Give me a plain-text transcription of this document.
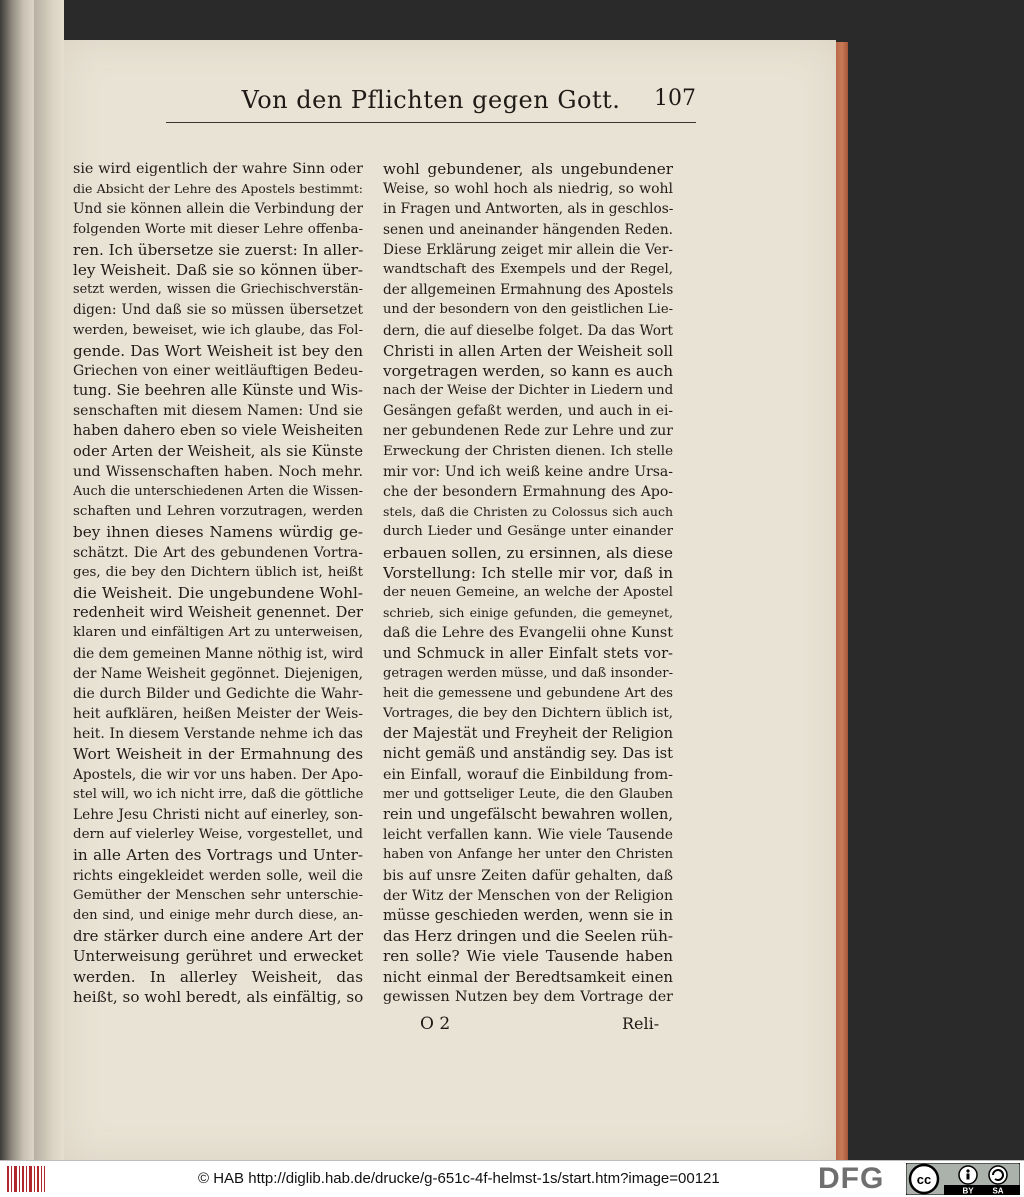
Von den Pflichten gegen Gott.	107
sie wird eigentlich der wahre Sinn oder
die Absicht der Lehre des Apostels bestimmt:
Und sie können allein die Verbindung der
folgenden Worte mit dieser Lehre offenba-
ren. Ich übersetze sie zuerst: In aller-
ley Weisheit. Daß sie so können über-
setzt werden, wissen die Griechischverstän-
digen: Und daß sie so müssen übersetzet
werden, beweiset, wie ich glaube, das Fol-
gende. Das Wort Weisheit ist bey den
Griechen von einer weitläuftigen Bedeu-
tung. Sie beehren alle Künste und Wis-
senschaften mit diesem Namen: Und sie
haben dahero eben so viele Weisheiten
oder Arten der Weisheit, als sie Künste
und Wissenschaften haben. Noch mehr.
Auch die unterschiedenen Arten die Wissen-
schaften und Lehren vorzutragen, werden
bey ihnen dieses Namens würdig ge-
schätzt. Die Art des gebundenen Vortra-
ges, die bey den Dichtern üblich ist, heißt
die Weisheit. Die ungebundene Wohl-
redenheit wird Weisheit genennet. Der
klaren und einfältigen Art zu unterweisen,
die dem gemeinen Manne nöthig ist, wird
der Name Weisheit gegönnet. Diejenigen,
die durch Bilder und Gedichte die Wahr-
heit aufklären, heißen Meister der Weis-
heit. In diesem Verstande nehme ich das
Wort Weisheit in der Ermahnung des
Apostels, die wir vor uns haben. Der Apo-
stel will, wo ich nicht irre, daß die göttliche
Lehre Jesu Christi nicht auf einerley, son-
dern auf vielerley Weise, vorgestellet, und
in alle Arten des Vortrags und Unter-
richts eingekleidet werden solle, weil die
Gemüther der Menschen sehr unterschie-
den sind, und einige mehr durch diese, an-
dre stärker durch eine andere Art der
Unterweisung gerühret und erwecket
werden. In allerley Weisheit, das
heißt, so wohl beredt, als einfältig, so
wohl gebundener, als ungebundener
Weise, so wohl hoch als niedrig, so wohl
in Fragen und Antworten, als in geschlos-
senen und aneinander hängenden Reden.
Diese Erklärung zeiget mir allein die Ver-
wandtschaft des Exempels und der Regel,
der allgemeinen Ermahnung des Apostels
und der besondern von den geistlichen Lie-
dern, die auf dieselbe folget. Da das Wort
Christi in allen Arten der Weisheit soll
vorgetragen werden, so kann es auch
nach der Weise der Dichter in Liedern und
Gesängen gefaßt werden, und auch in ei-
ner gebundenen Rede zur Lehre und zur
Erweckung der Christen dienen. Ich stelle
mir vor: Und ich weiß keine andre Ursa-
che der besondern Ermahnung des Apo-
stels, daß die Christen zu Colossus sich auch
durch Lieder und Gesänge unter einander
erbauen sollen, zu ersinnen, als diese
Vorstellung: Ich stelle mir vor, daß in
der neuen Gemeine, an welche der Apostel
schrieb, sich einige gefunden, die gemeynet,
daß die Lehre des Evangelii ohne Kunst
und Schmuck in aller Einfalt stets vor-
getragen werden müsse, und daß insonder-
heit die gemessene und gebundene Art des
Vortrages, die bey den Dichtern üblich ist,
der Majestät und Freyheit der Religion
nicht gemäß und anständig sey. Das ist
ein Einfall, worauf die Einbildung from-
mer und gottseliger Leute, die den Glauben
rein und ungefälscht bewahren wollen,
leicht verfallen kann. Wie viele Tausende
haben von Anfange her unter den Christen
bis auf unsre Zeiten dafür gehalten, daß
der Witz der Menschen von der Religion
müsse geschieden werden, wenn sie in
das Herz dringen und die Seelen rüh-
ren solle? Wie viele Tausende haben
nicht einmal der Beredtsamkeit einen
gewissen Nutzen bey dem Vortrage der
O 2	Reli-
© HAB http://diglib.hab.de/drucke/g-651c-4f-helmst-1s/start.htm?image=00121	DFG cc
BY SA
